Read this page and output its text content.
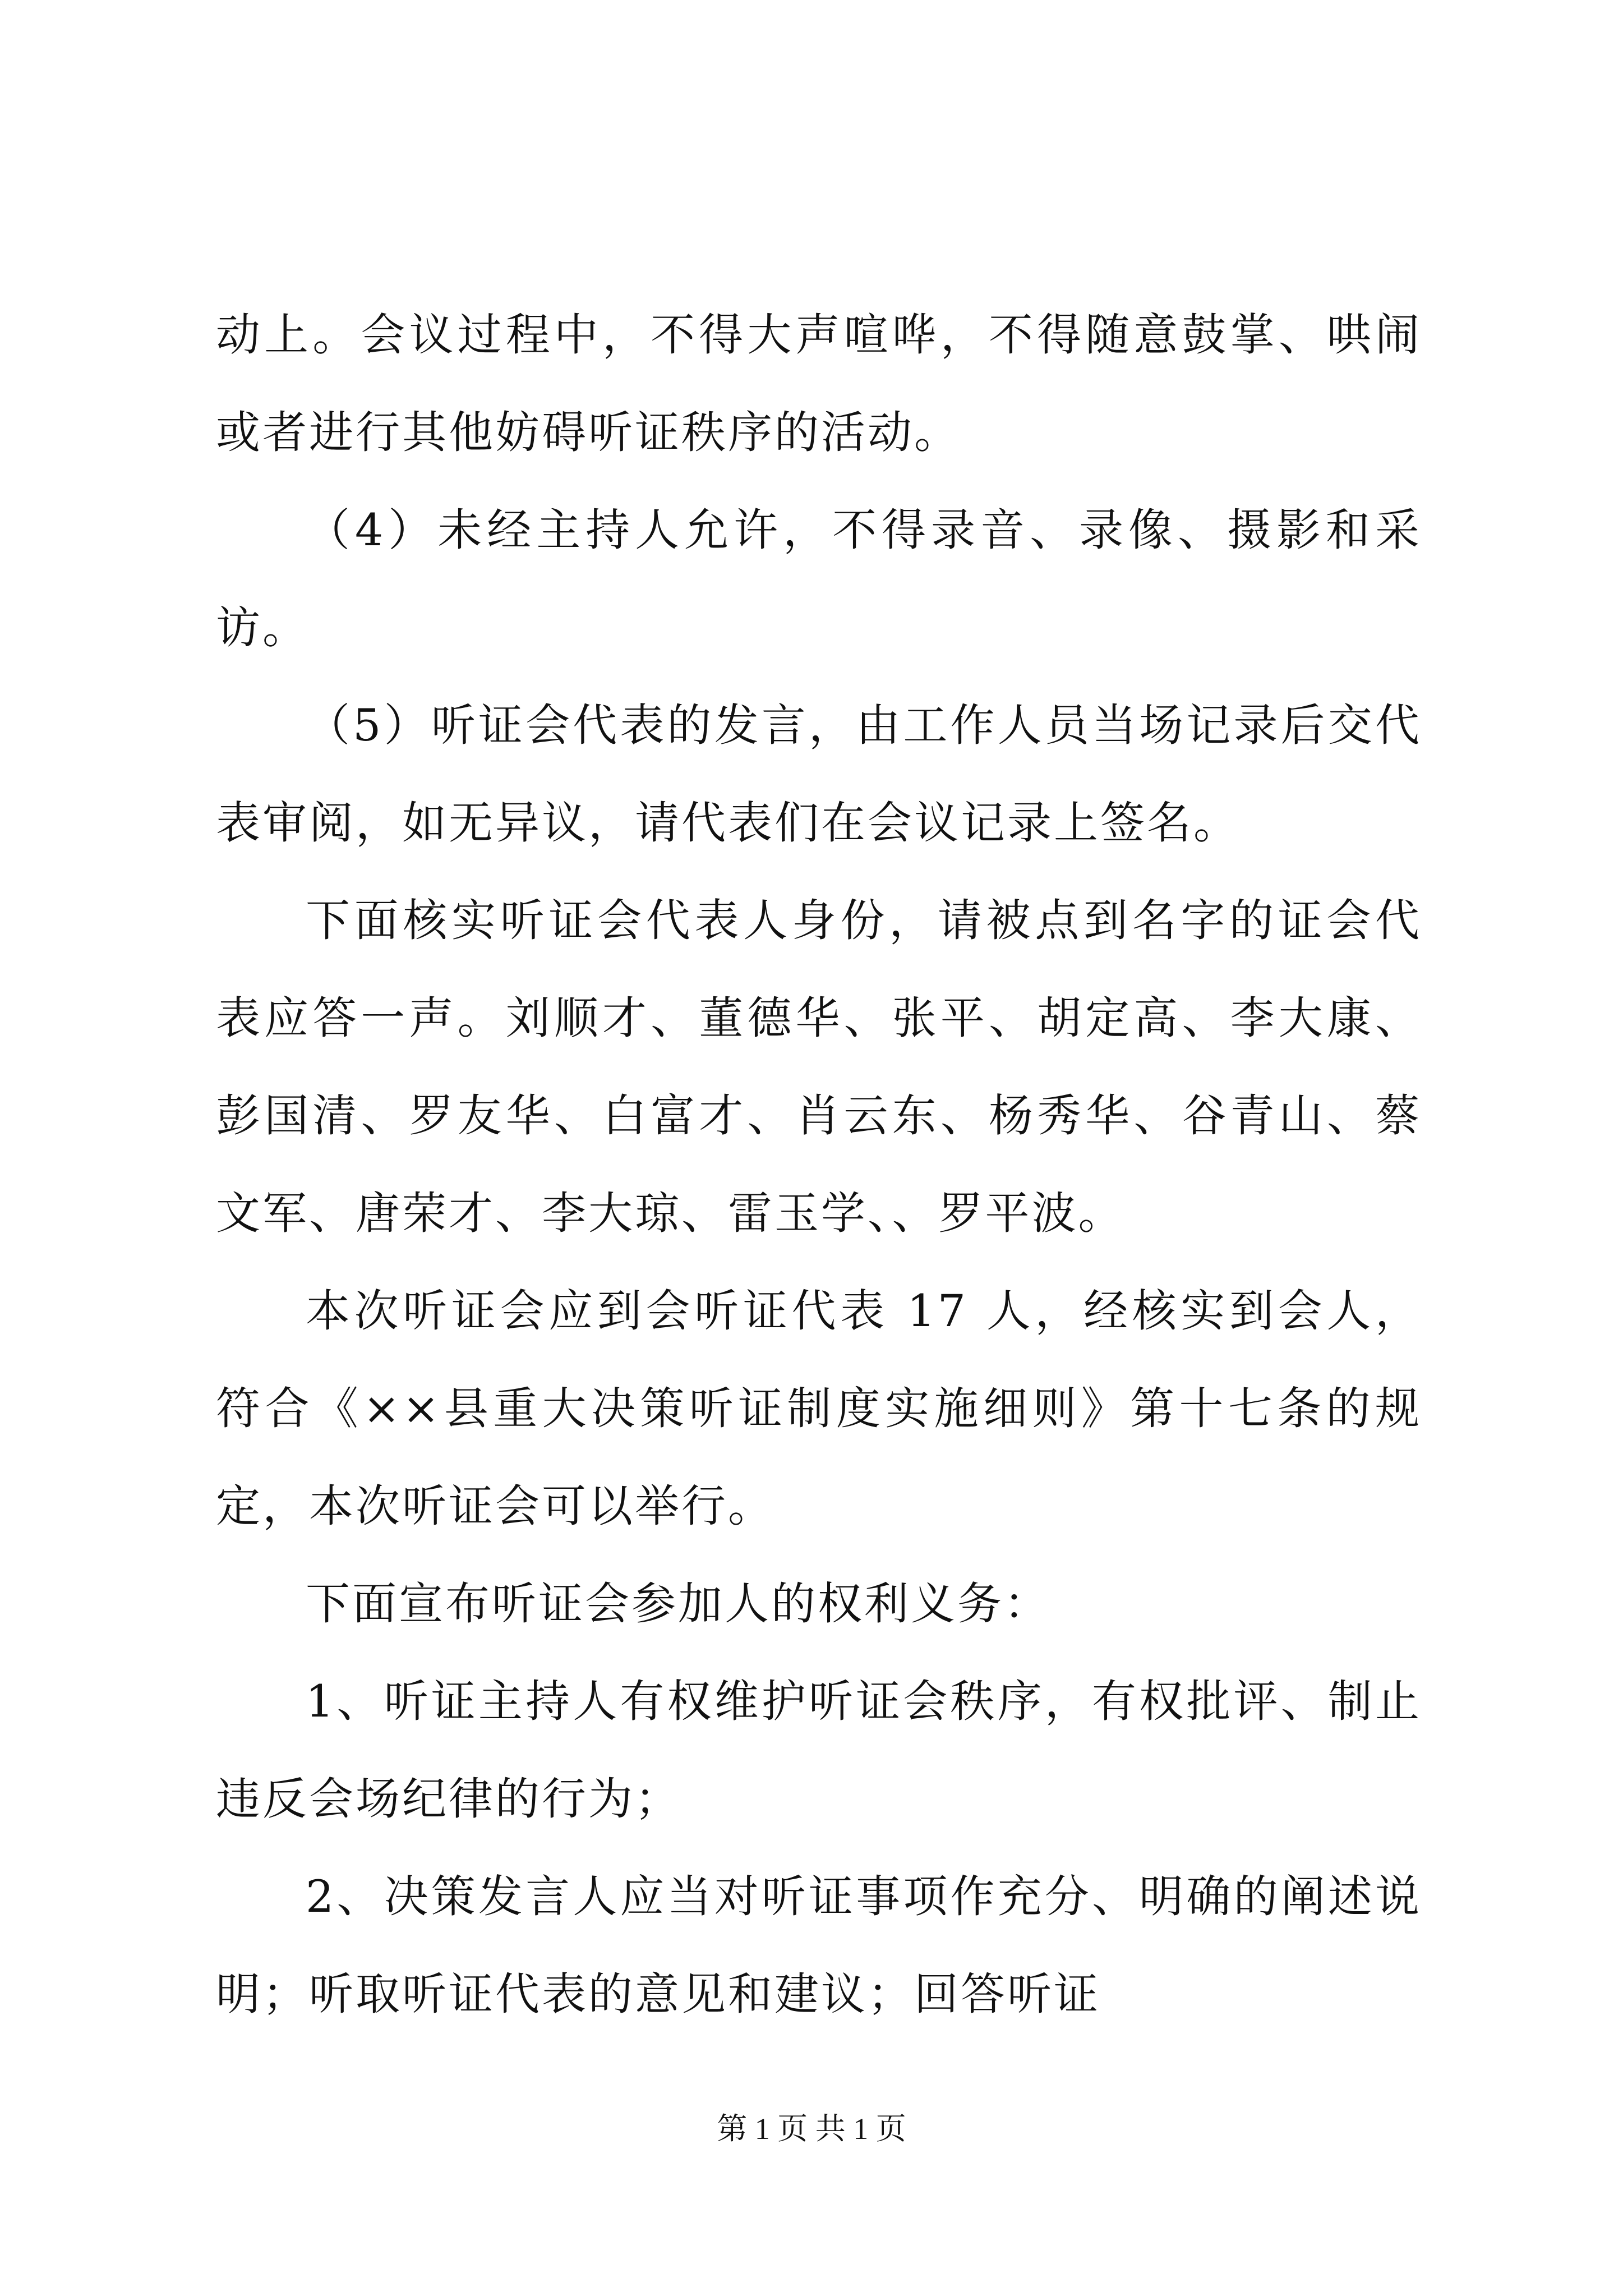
动上。会议过程中，不得大声喧哗，不得随意鼓掌、哄闹或者进行其他妨碍听证秩序的活动。

（4）未经主持人允许，不得录音、录像、摄影和采访。

（5）听证会代表的发言，由工作人员当场记录后交代表审阅，如无异议，请代表们在会议记录上签名。

下面核实听证会代表人身份，请被点到名字的证会代表应答一声。刘顺才、董德华、张平、胡定高、李大康、彭国清、罗友华、白富才、肖云东、杨秀华、谷青山、蔡文军、唐荣才、李大琼、雷玉学、、罗平波。

本次听证会应到会听证代表 17 人，经核实到会人，符合《××县重大决策听证制度实施细则》第十七条的规定，本次听证会可以举行。

下面宣布听证会参加人的权利义务：

1、听证主持人有权维护听证会秩序，有权批评、制止违反会场纪律的行为；

2、决策发言人应当对听证事项作充分、明确的阐述说明；听取听证代表的意见和建议；回答听证

第 1 页 共 1 页
